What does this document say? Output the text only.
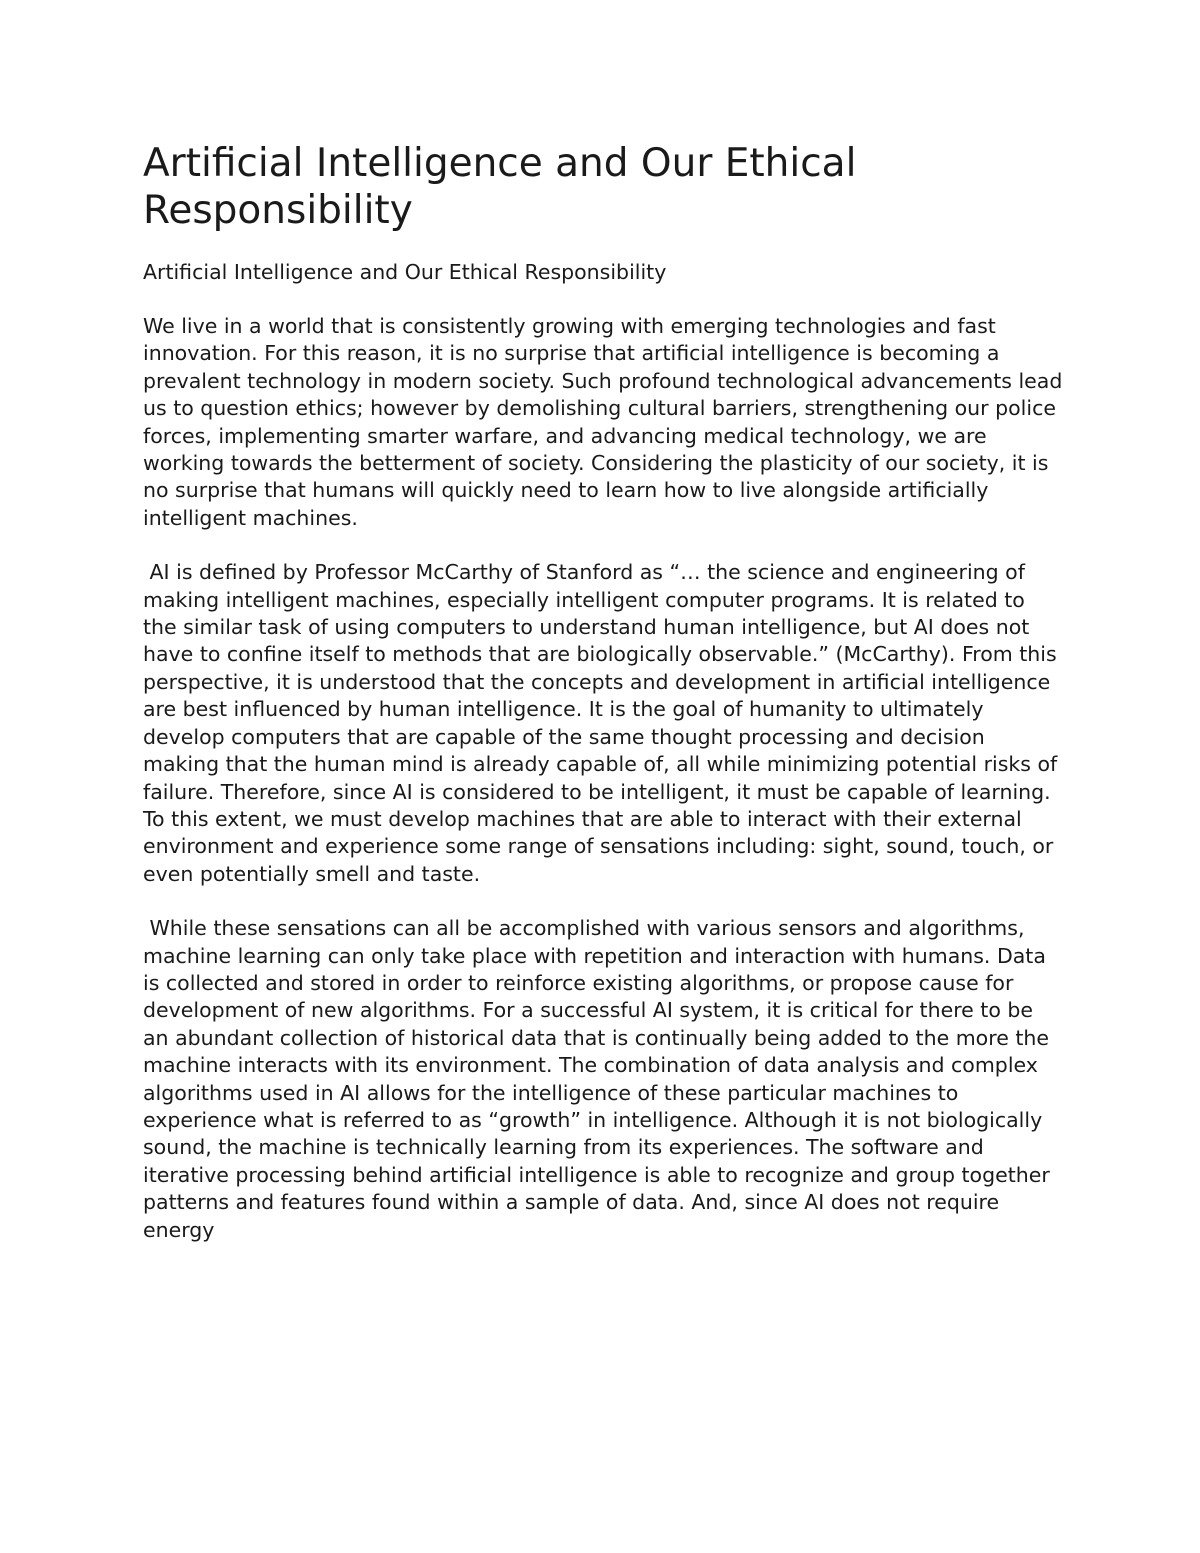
Artificial Intelligence and Our Ethical Responsibility

Artificial Intelligence and Our Ethical Responsibility

We live in a world that is consistently growing with emerging technologies and fast innovation. For this reason, it is no surprise that artificial intelligence is becoming a prevalent technology in modern society. Such profound technological advancements lead us to question ethics; however by demolishing cultural barriers, strengthening our police forces, implementing smarter warfare, and advancing medical technology, we are working towards the betterment of society. Considering the plasticity of our society, it is no surprise that humans will quickly need to learn how to live alongside artificially intelligent machines.

AI is defined by Professor McCarthy of Stanford as “… the science and engineering of making intelligent machines, especially intelligent computer programs. It is related to the similar task of using computers to understand human intelligence, but AI does not have to confine itself to methods that are biologically observable.” (McCarthy). From this perspective, it is understood that the concepts and development in artificial intelligence are best influenced by human intelligence. It is the goal of humanity to ultimately develop computers that are capable of the same thought processing and decision making that the human mind is already capable of, all while minimizing potential risks of failure. Therefore, since AI is considered to be intelligent, it must be capable of learning. To this extent, we must develop machines that are able to interact with their external environment and experience some range of sensations including: sight, sound, touch, or even potentially smell and taste.

While these sensations can all be accomplished with various sensors and algorithms, machine learning can only take place with repetition and interaction with humans. Data is collected and stored in order to reinforce existing algorithms, or propose cause for development of new algorithms. For a successful AI system, it is critical for there to be an abundant collection of historical data that is continually being added to the more the machine interacts with its environment. The combination of data analysis and complex algorithms used in AI allows for the intelligence of these particular machines to experience what is referred to as “growth” in intelligence. Although it is not biologically sound, the machine is technically learning from its experiences. The software and iterative processing behind artificial intelligence is able to recognize and group together patterns and features found within a sample of data. And, since AI does not require energy
